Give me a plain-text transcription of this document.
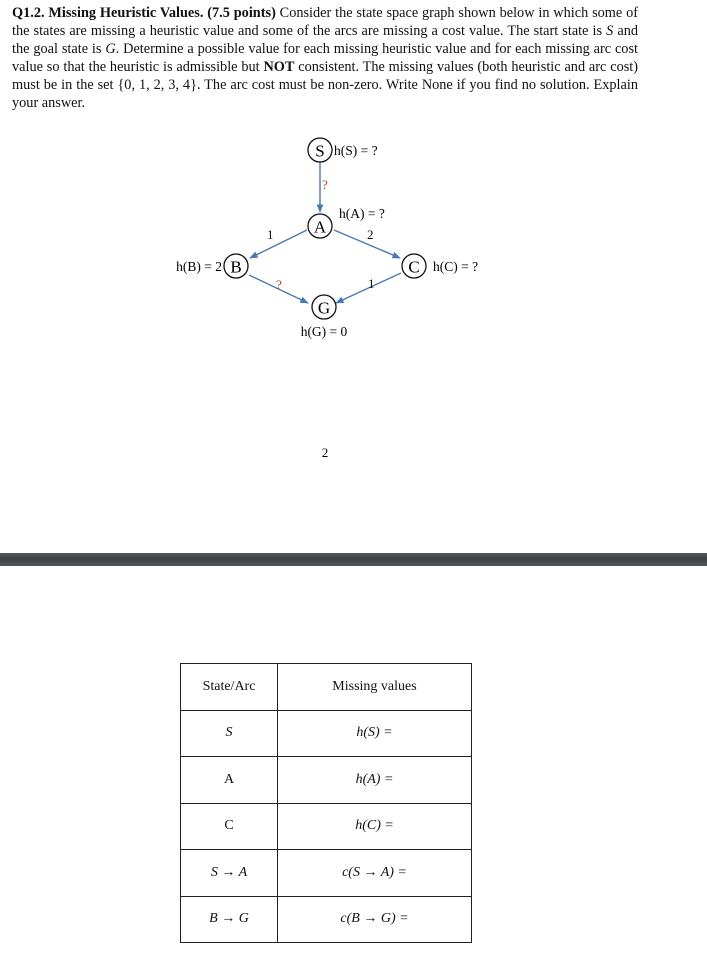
Q1.2. Missing Heuristic Values. (7.5 points) Consider the state space graph shown below in which some of the states are missing a heuristic value and some of the arcs are missing a cost value. The start state is S and the goal state is G. Determine a possible value for each missing heuristic value and for each missing arc cost value so that the heuristic is admissible but NOT consistent. The missing values (both heuristic and arc cost) must be in the set {0, 1, 2, 3, 4}. The arc cost must be non-zero. Write None if you find no solution. Explain your answer.
?
1	2
?	1
S h(S) = ?
A
h(A) = ?
B
h(B) = 2	C h(C) = ?
G
h(G) = 0
2
State/Arc	Missing values
S	h(S) =
A	h(A) =
C	h(C) =
S → A	c(S → A) =
B → G	c(B → G) =
